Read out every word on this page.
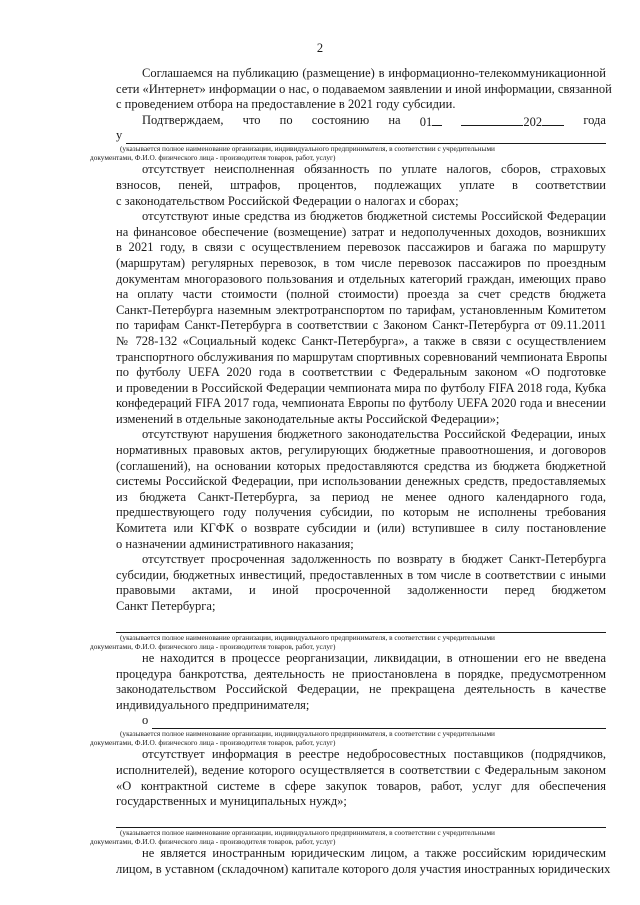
2
Соглашаемся на публикацию (размещение) в информационно-телекоммуникационной
сети «Интернет» информации о нас, о подаваемом заявлении и иной информации, связанной
с проведением отбора на предоставление в 2021 году субсидии.
Подтверждаем, что по состоянию на 01	202	года
у
(указывается полное наименование организации, индивидуального предпринимателя, в соответствии с учредительными
документами, Ф.И.О. физического лица - производителя товаров, работ, услуг)
отсутствует неисполненная обязанность по уплате налогов, сборов, страховых
взносов, пеней, штрафов, процентов, подлежащих уплате в соответствии
с законодательством Российской Федерации о налогах и сборах;
отсутствуют иные средства из бюджетов бюджетной системы Российской Федерации
на финансовое обеспечение (возмещение) затрат и недополученных доходов, возникших
в 2021 году, в связи с осуществлением перевозок пассажиров и багажа по маршруту
(маршрутам) регулярных перевозок, в том числе перевозок пассажиров по проездным
документам многоразового пользования и отдельных категорий граждан, имеющих право
на оплату части стоимости (полной стоимости) проезда за счет средств бюджета
Санкт-Петербурга наземным электротранспортом по тарифам, установленным Комитетом
по тарифам Санкт-Петербурга в соответствии с Законом Санкт-Петербурга от 09.11.2011
№ 728-132 «Социальный кодекс Санкт-Петербурга», а также в связи с осуществлением
транспортного обслуживания по маршрутам спортивных соревнований чемпионата Европы
по футболу UEFA 2020 года в соответствии с Федеральным законом «О подготовке
и проведении в Российской Федерации чемпионата мира по футболу FIFA 2018 года, Кубка
конфедераций FIFA 2017 года, чемпионата Европы по футболу UEFA 2020 года и внесении
изменений в отдельные законодательные акты Российской Федерации»;
отсутствуют нарушения бюджетного законодательства Российской Федерации, иных
нормативных правовых актов, регулирующих бюджетные правоотношения, и договоров
(соглашений), на основании которых предоставляются средства из бюджета бюджетной
системы Российской Федерации, при использовании денежных средств, предоставляемых
из бюджета Санкт-Петербурга, за период не менее одного календарного года,
предшествующего году получения субсидии, по которым не исполнены требования
Комитета или КГФК о возврате субсидии и (или) вступившее в силу постановление
о назначении административного наказания;
отсутствует просроченная задолженность по возврату в бюджет Санкт-Петербурга
субсидии, бюджетных инвестиций, предоставленных в том числе в соответствии с иными
правовыми актами, и иной просроченной задолженности перед бюджетом
Санкт Петербурга;
(указывается полное наименование организации, индивидуального предпринимателя, в соответствии с учредительными
документами, Ф.И.О. физического лица - производителя товаров, работ, услуг)
не находится в процессе реорганизации, ликвидации, в отношении его не введена
процедура банкротства, деятельность не приостановлена в порядке, предусмотренном
законодательством Российской Федерации, не прекращена деятельность в качестве
индивидуального предпринимателя;
о
(указывается полное наименование организации, индивидуального предпринимателя, в соответствии с учредительными
документами, Ф.И.О. физического лица - производителя товаров, работ, услуг)
отсутствует информация в реестре недобросовестных поставщиков (подрядчиков,
исполнителей), ведение которого осуществляется в соответствии с Федеральным законом
«О контрактной системе в сфере закупок товаров, работ, услуг для обеспечения
государственных и муниципальных нужд»;
(указывается полное наименование организации, индивидуального предпринимателя, в соответствии с учредительными
документами, Ф.И.О. физического лица - производителя товаров, работ, услуг)
не является иностранным юридическим лицом, а также российским юридическим
лицом, в уставном (складочном) капитале которого доля участия иностранных юридических
